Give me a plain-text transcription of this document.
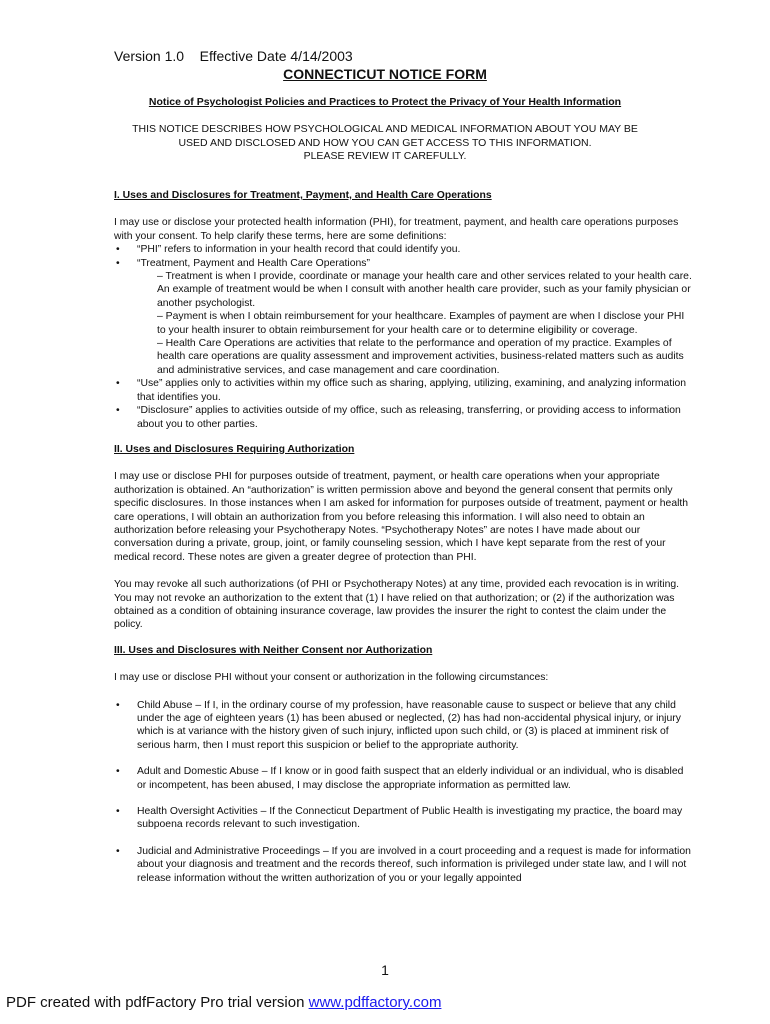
Version 1.0    Effective Date 4/14/2003
CONNECTICUT NOTICE FORM
Notice of Psychologist Policies and Practices to Protect the Privacy of Your Health Information
THIS NOTICE DESCRIBES HOW PSYCHOLOGICAL AND MEDICAL INFORMATION ABOUT YOU MAY BE
USED AND DISCLOSED AND HOW YOU CAN GET ACCESS TO THIS INFORMATION.
PLEASE REVIEW IT CAREFULLY.

I. Uses and Disclosures for Treatment, Payment, and Health Care Operations

I may use or disclose your protected health information (PHI), for treatment, payment, and health care operations purposes with your consent. To help clarify these terms, here are some definitions:

• “PHI” refers to information in your health record that could identify you.
• “Treatment, Payment and Health Care Operations”

– Treatment is when I provide, coordinate or manage your health care and other services related to your health care. An example of treatment would be when I consult with another health care provider, such as your family physician or another psychologist.

– Payment is when I obtain reimbursement for your healthcare. Examples of payment are when I disclose your PHI to your health insurer to obtain reimbursement for your health care or to determine eligibility or coverage.

– Health Care Operations are activities that relate to the performance and operation of my practice. Examples of health care operations are quality assessment and improvement activities, business-related matters such as audits and administrative services, and case management and care coordination.

• “Use” applies only to activities within my office such as sharing, applying, utilizing, examining, and analyzing information that identifies you.
• “Disclosure” applies to activities outside of my office, such as releasing, transferring, or providing access to information about you to other parties.

II. Uses and Disclosures Requiring Authorization

I may use or disclose PHI for purposes outside of treatment, payment, or health care operations when your appropriate authorization is obtained. An “authorization” is written permission above and beyond the general consent that permits only specific disclosures. In those instances when I am asked for information for purposes outside of treatment, payment or health care operations, I will obtain an authorization from you before releasing this information. I will also need to obtain an authorization before releasing your Psychotherapy Notes. “Psychotherapy Notes” are notes I have made about our conversation during a private, group, joint, or family counseling session, which I have kept separate from the rest of your medical record. These notes are given a greater degree of protection than PHI.

You may revoke all such authorizations (of PHI or Psychotherapy Notes) at any time, provided each revocation is in writing. You may not revoke an authorization to the extent that (1) I have relied on that authorization; or (2) if the authorization was obtained as a condition of obtaining insurance coverage, law provides the insurer the right to contest the claim under the policy.

III. Uses and Disclosures with Neither Consent nor Authorization

I may use or disclose PHI without your consent or authorization in the following circumstances:

• Child Abuse – If I, in the ordinary course of my profession, have reasonable cause to suspect or believe that any child under the age of eighteen years (1) has been abused or neglected, (2) has had non-accidental physical injury, or injury which is at variance with the history given of such injury, inflicted upon such child, or (3) is placed at imminent risk of serious harm, then I must report this suspicion or belief to the appropriate authority.
• Adult and Domestic Abuse – If I know or in good faith suspect that an elderly individual or an individual, who is disabled or incompetent, has been abused, I may disclose the appropriate information as permitted law.
• Health Oversight Activities – If the Connecticut Department of Public Health is investigating my practice, the board may subpoena records relevant to such investigation.
• Judicial and Administrative Proceedings – If you are involved in a court proceeding and a request is made for information about your diagnosis and treatment and the records thereof, such information is privileged under state law, and I will not release information without the written authorization of you or your legally appointed
1
PDF created with pdfFactory Pro trial version www.pdffactory.com
